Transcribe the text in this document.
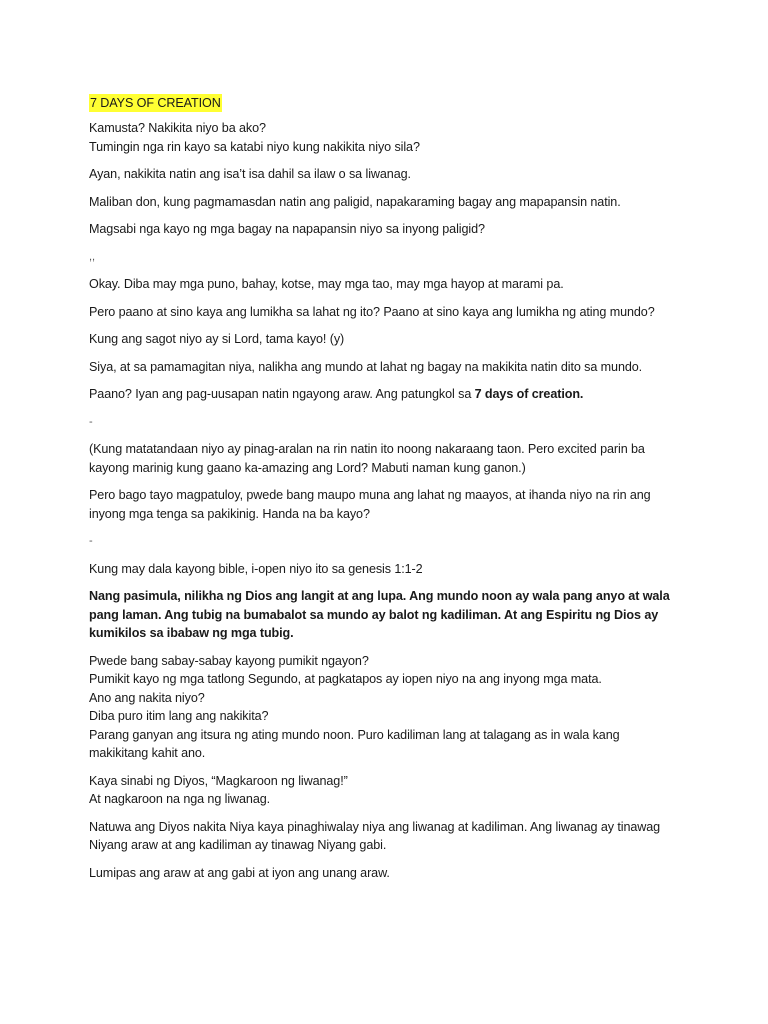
7 DAYS OF CREATION
Kamusta? Nakikita niyo ba ako?
Tumingin nga rin kayo sa katabi niyo kung nakikita niyo sila?
Ayan, nakikita natin ang isa’t isa dahil sa ilaw o sa liwanag.
Maliban don, kung pagmamasdan natin ang paligid, napakaraming bagay ang mapapansin natin.
Magsabi nga kayo ng mga bagay na napapansin niyo sa inyong paligid?
,,
Okay. Diba may mga puno, bahay, kotse, may mga tao, may mga hayop at marami pa.
Pero paano at sino kaya ang lumikha sa lahat ng ito? Paano at sino kaya ang lumikha ng ating mundo?
Kung ang sagot niyo ay si Lord, tama kayo! (y)
Siya, at sa pamamagitan niya, nalikha ang mundo at lahat ng bagay na makikita natin dito sa mundo.
Paano? Iyan ang pag-uusapan natin ngayong araw. Ang patungkol sa 7 days of creation.
-
(Kung matatandaan niyo ay pinag-aralan na rin natin ito noong nakaraang taon. Pero excited parin ba
kayong marinig kung gaano ka-amazing ang Lord? Mabuti naman kung ganon.)
Pero bago tayo magpatuloy, pwede bang maupo muna ang lahat ng maayos, at ihanda niyo na rin ang
inyong mga tenga sa pakikinig. Handa na ba kayo?
-
Kung may dala kayong bible, i-open niyo ito sa genesis 1:1-2
Nang pasimula, nilikha ng Dios ang langit at ang lupa. Ang mundo noon ay wala pang anyo at wala
pang laman. Ang tubig na bumabalot sa mundo ay balot ng kadiliman. At ang Espiritu ng Dios ay
kumikilos sa ibabaw ng mga tubig.
Pwede bang sabay-sabay kayong pumikit ngayon?
Pumikit kayo ng mga tatlong Segundo, at pagkatapos ay iopen niyo na ang inyong mga mata.
Ano ang nakita niyo?
Diba puro itim lang ang nakikita?
Parang ganyan ang itsura ng ating mundo noon. Puro kadiliman lang at talagang as in wala kang
makikitang kahit ano.
Kaya sinabi ng Diyos, “Magkaroon ng liwanag!”
At nagkaroon na nga ng liwanag.
Natuwa ang Diyos nakita Niya kaya pinaghiwalay niya ang liwanag at kadiliman. Ang liwanag ay tinawag
Niyang araw at ang kadiliman ay tinawag Niyang gabi.
Lumipas ang araw at ang gabi at iyon ang unang araw.
